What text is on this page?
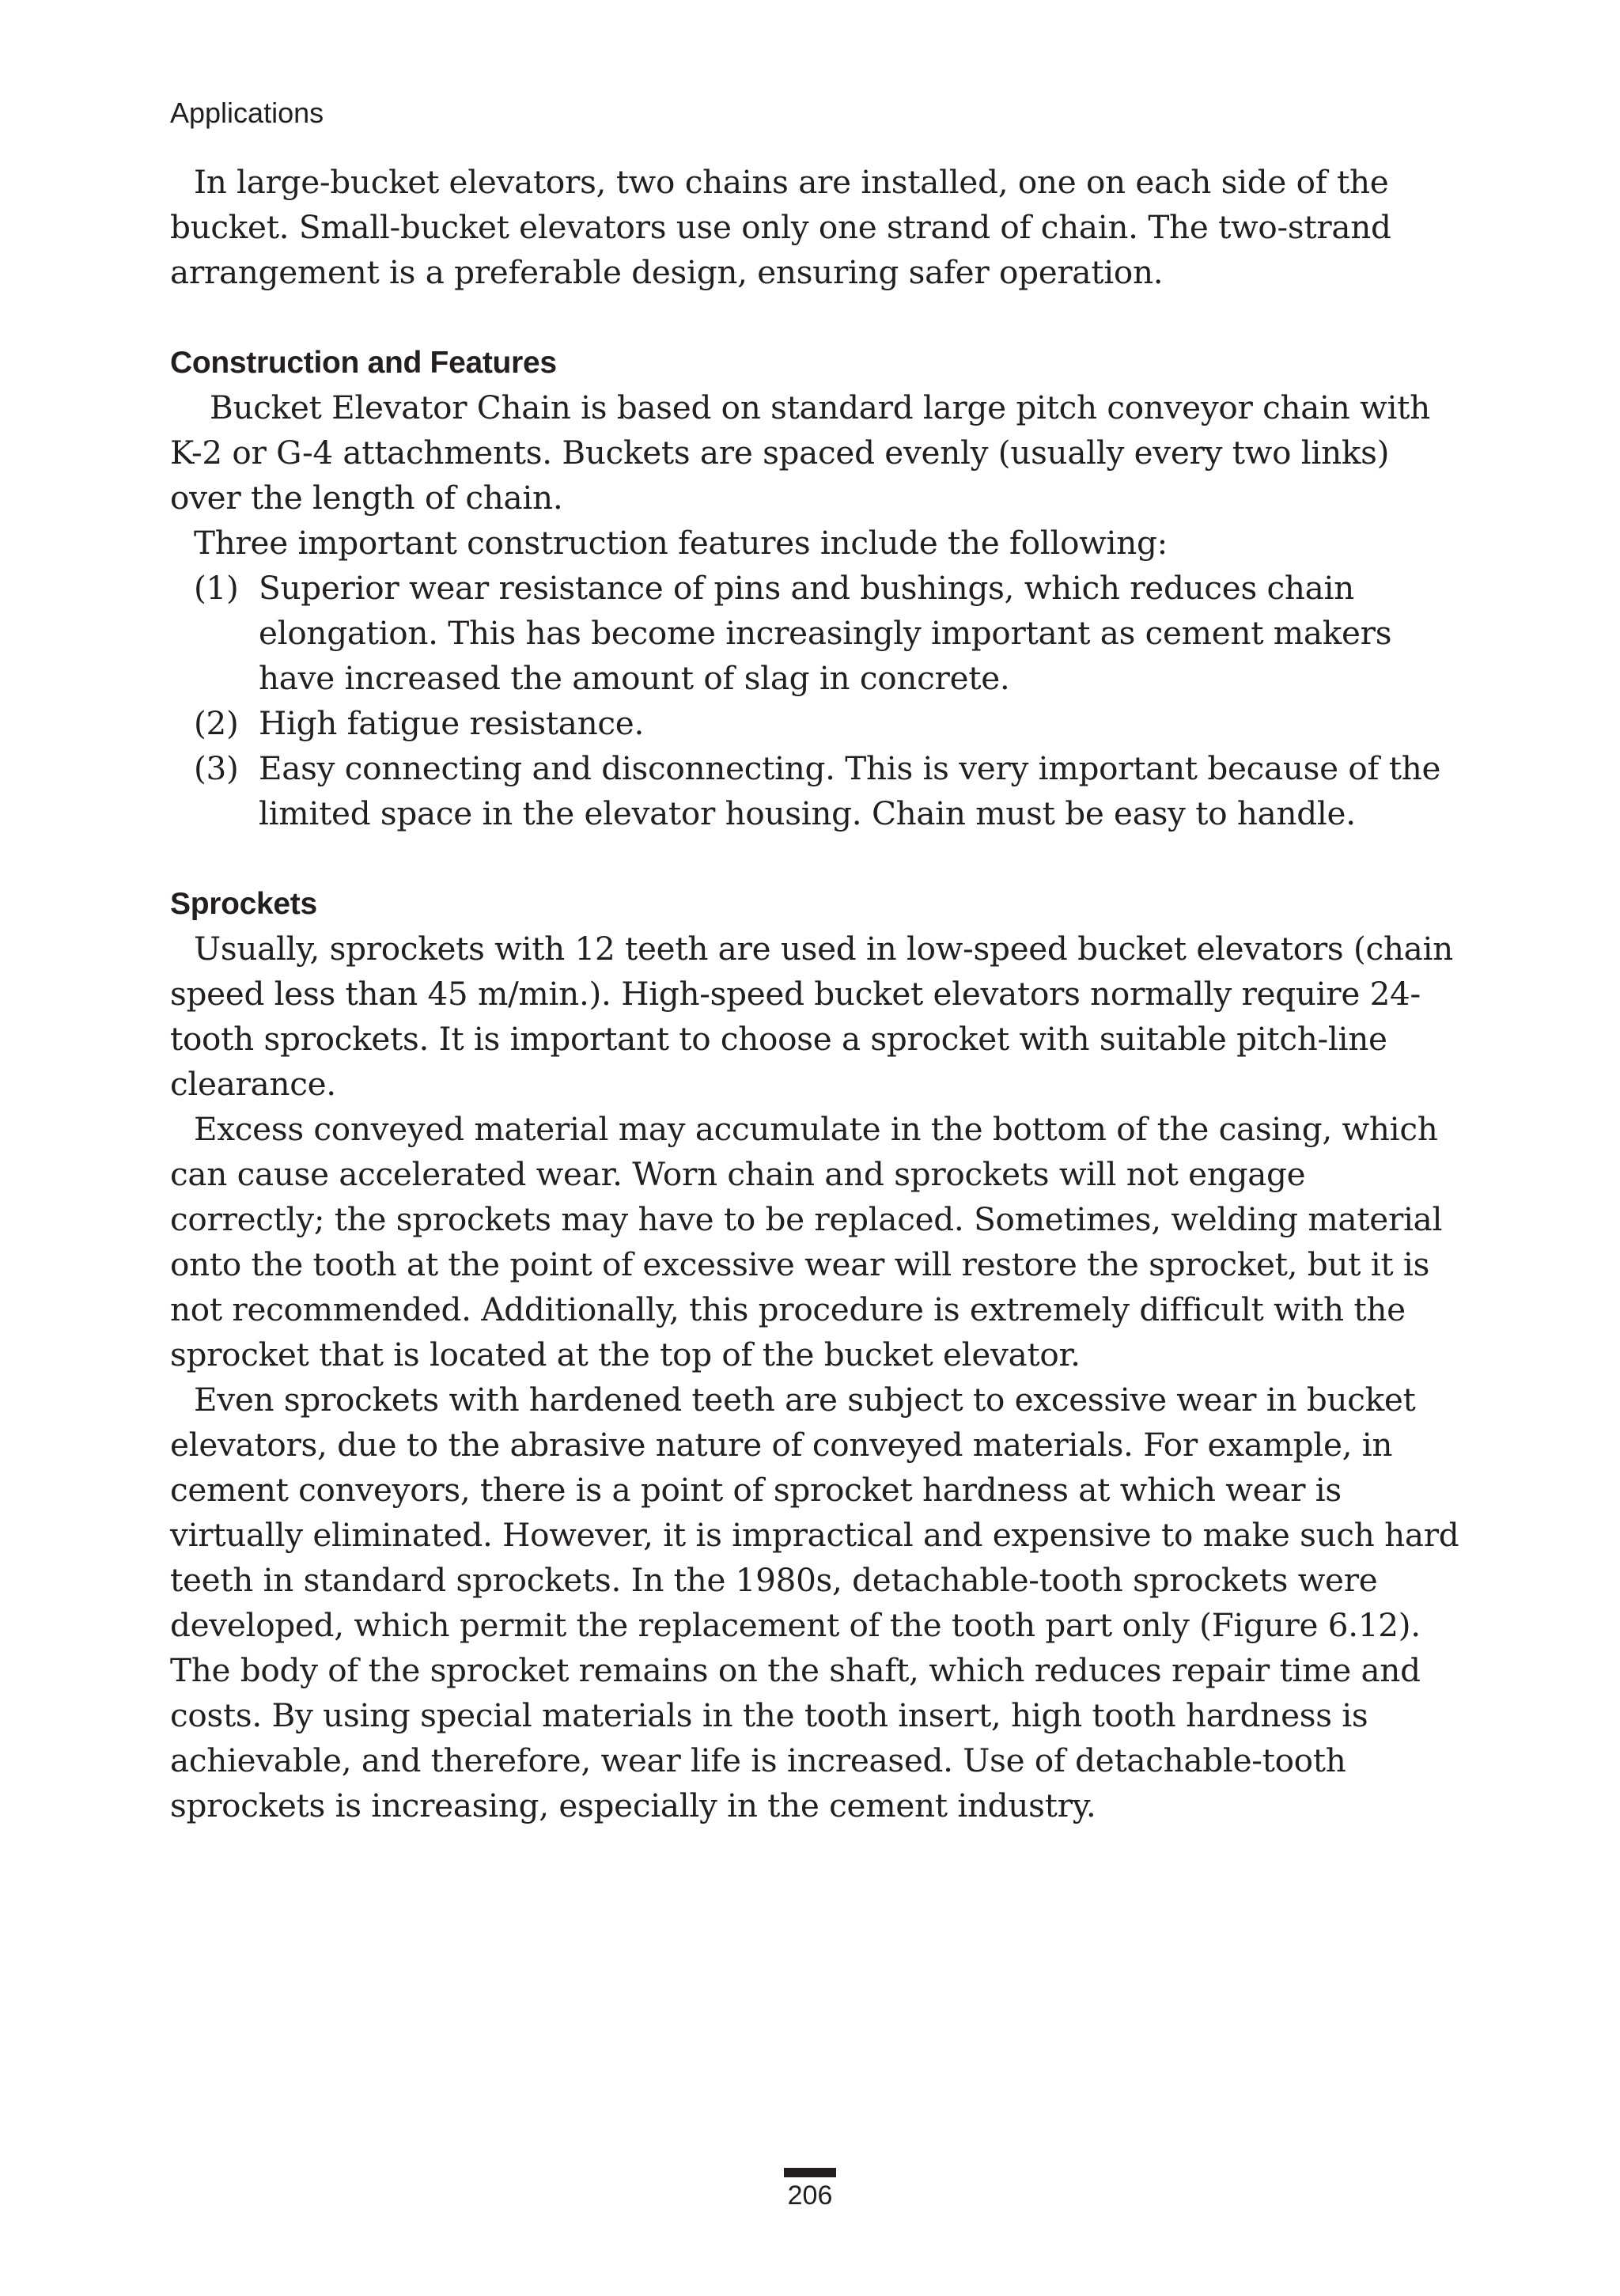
Applications

In large-bucket elevators, two chains are installed, one on each side of the bucket. Small-bucket elevators use only one strand of chain. The two-strand arrangement is a preferable design, ensuring safer operation.

Construction and Features

Bucket Elevator Chain is based on standard large pitch conveyor chain with K-2 or G-4 attachments. Buckets are spaced evenly (usually every two links) over the length of chain.

Three important construction features include the following:

(1) Superior wear resistance of pins and bushings, which reduces chain elongation. This has become increasingly important as cement makers have increased the amount of slag in concrete.
(2) High fatigue resistance.
(3) Easy connecting and disconnecting. This is very important because of the limited space in the elevator housing. Chain must be easy to handle.
Sprockets

Usually, sprockets with 12 teeth are used in low-speed bucket elevators (chain speed less than 45 m/min.). High-speed bucket elevators normally require 24-tooth sprockets. It is important to choose a sprocket with suitable pitch-line clearance.

Excess conveyed material may accumulate in the bottom of the casing, which can cause accelerated wear. Worn chain and sprockets will not engage correctly; the sprockets may have to be replaced. Sometimes, welding material onto the tooth at the point of excessive wear will restore the sprocket, but it is not recommended. Additionally, this procedure is extremely difficult with the sprocket that is located at the top of the bucket elevator.

Even sprockets with hardened teeth are subject to excessive wear in bucket elevators, due to the abrasive nature of conveyed materials. For example, in cement conveyors, there is a point of sprocket hardness at which wear is virtually eliminated. However, it is impractical and expensive to make such hard teeth in standard sprockets. In the 1980s, detachable-tooth sprockets were developed, which permit the replacement of the tooth part only (Figure 6.12). The body of the sprocket remains on the shaft, which reduces repair time and costs. By using special materials in the tooth insert, high tooth hardness is achievable, and therefore, wear life is increased. Use of detachable-tooth sprockets is increasing, especially in the cement industry.

206
